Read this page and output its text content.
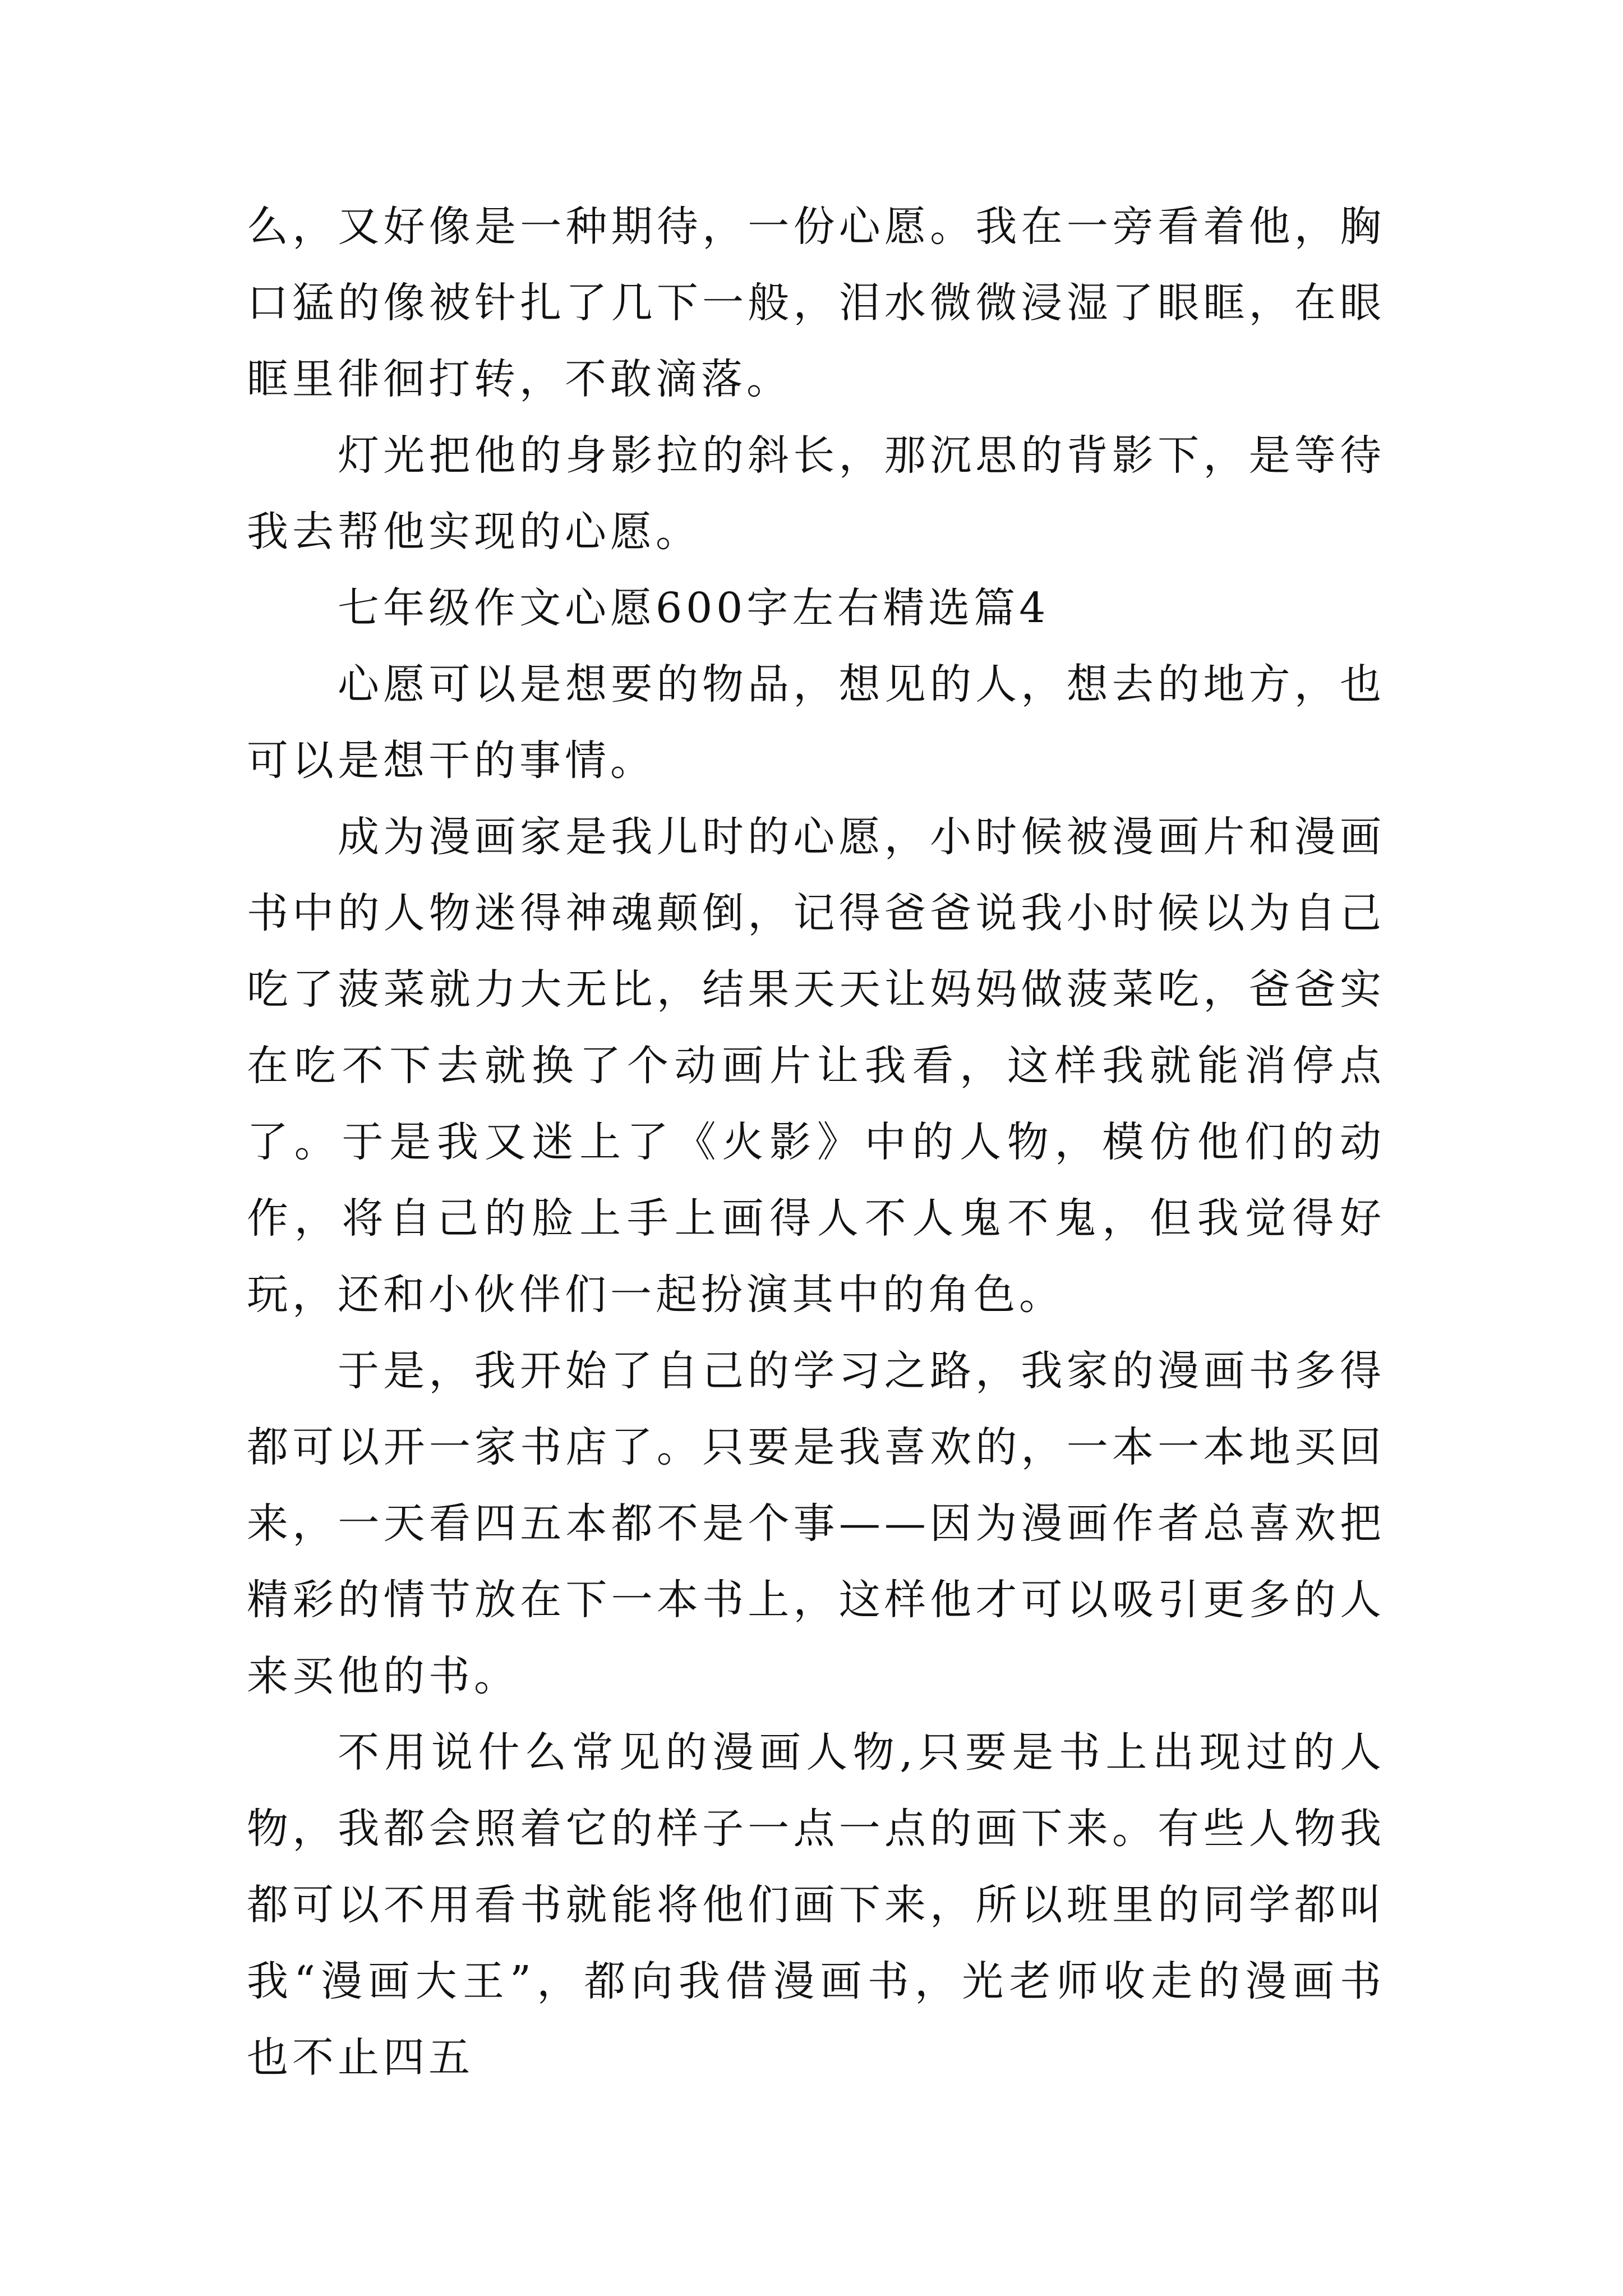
么，又好像是一种期待，一份心愿。我在一旁看着他，胸口猛的像被针扎了几下一般，泪水微微浸湿了眼眶，在眼眶里徘徊打转，不敢滴落。

灯光把他的身影拉的斜长，那沉思的背影下，是等待我去帮他实现的心愿。

七年级作文心愿600字左右精选篇4

心愿可以是想要的物品，想见的人，想去的地方，也可以是想干的事情。

成为漫画家是我儿时的心愿，小时候被漫画片和漫画书中的人物迷得神魂颠倒，记得爸爸说我小时候以为自己吃了菠菜就力大无比，结果天天让妈妈做菠菜吃，爸爸实在吃不下去就换了个动画片让我看，这样我就能消停点了。于是我又迷上了《火影》中的人物，模仿他们的动作，将自己的脸上手上画得人不人鬼不鬼，但我觉得好玩，还和小伙伴们一起扮演其中的角色。

于是，我开始了自己的学习之路，我家的漫画书多得都可以开一家书店了。只要是我喜欢的，一本一本地买回来，一天看四五本都不是个事——因为漫画作者总喜欢把精彩的情节放在下一本书上，这样他才可以吸引更多的人来买他的书。

不用说什么常见的漫画人物,只要是书上出现过的人物，我都会照着它的样子一点一点的画下来。有些人物我都可以不用看书就能将他们画下来，所以班里的同学都叫我“漫画大王”，都向我借漫画书，光老师收走的漫画书也不止四五
